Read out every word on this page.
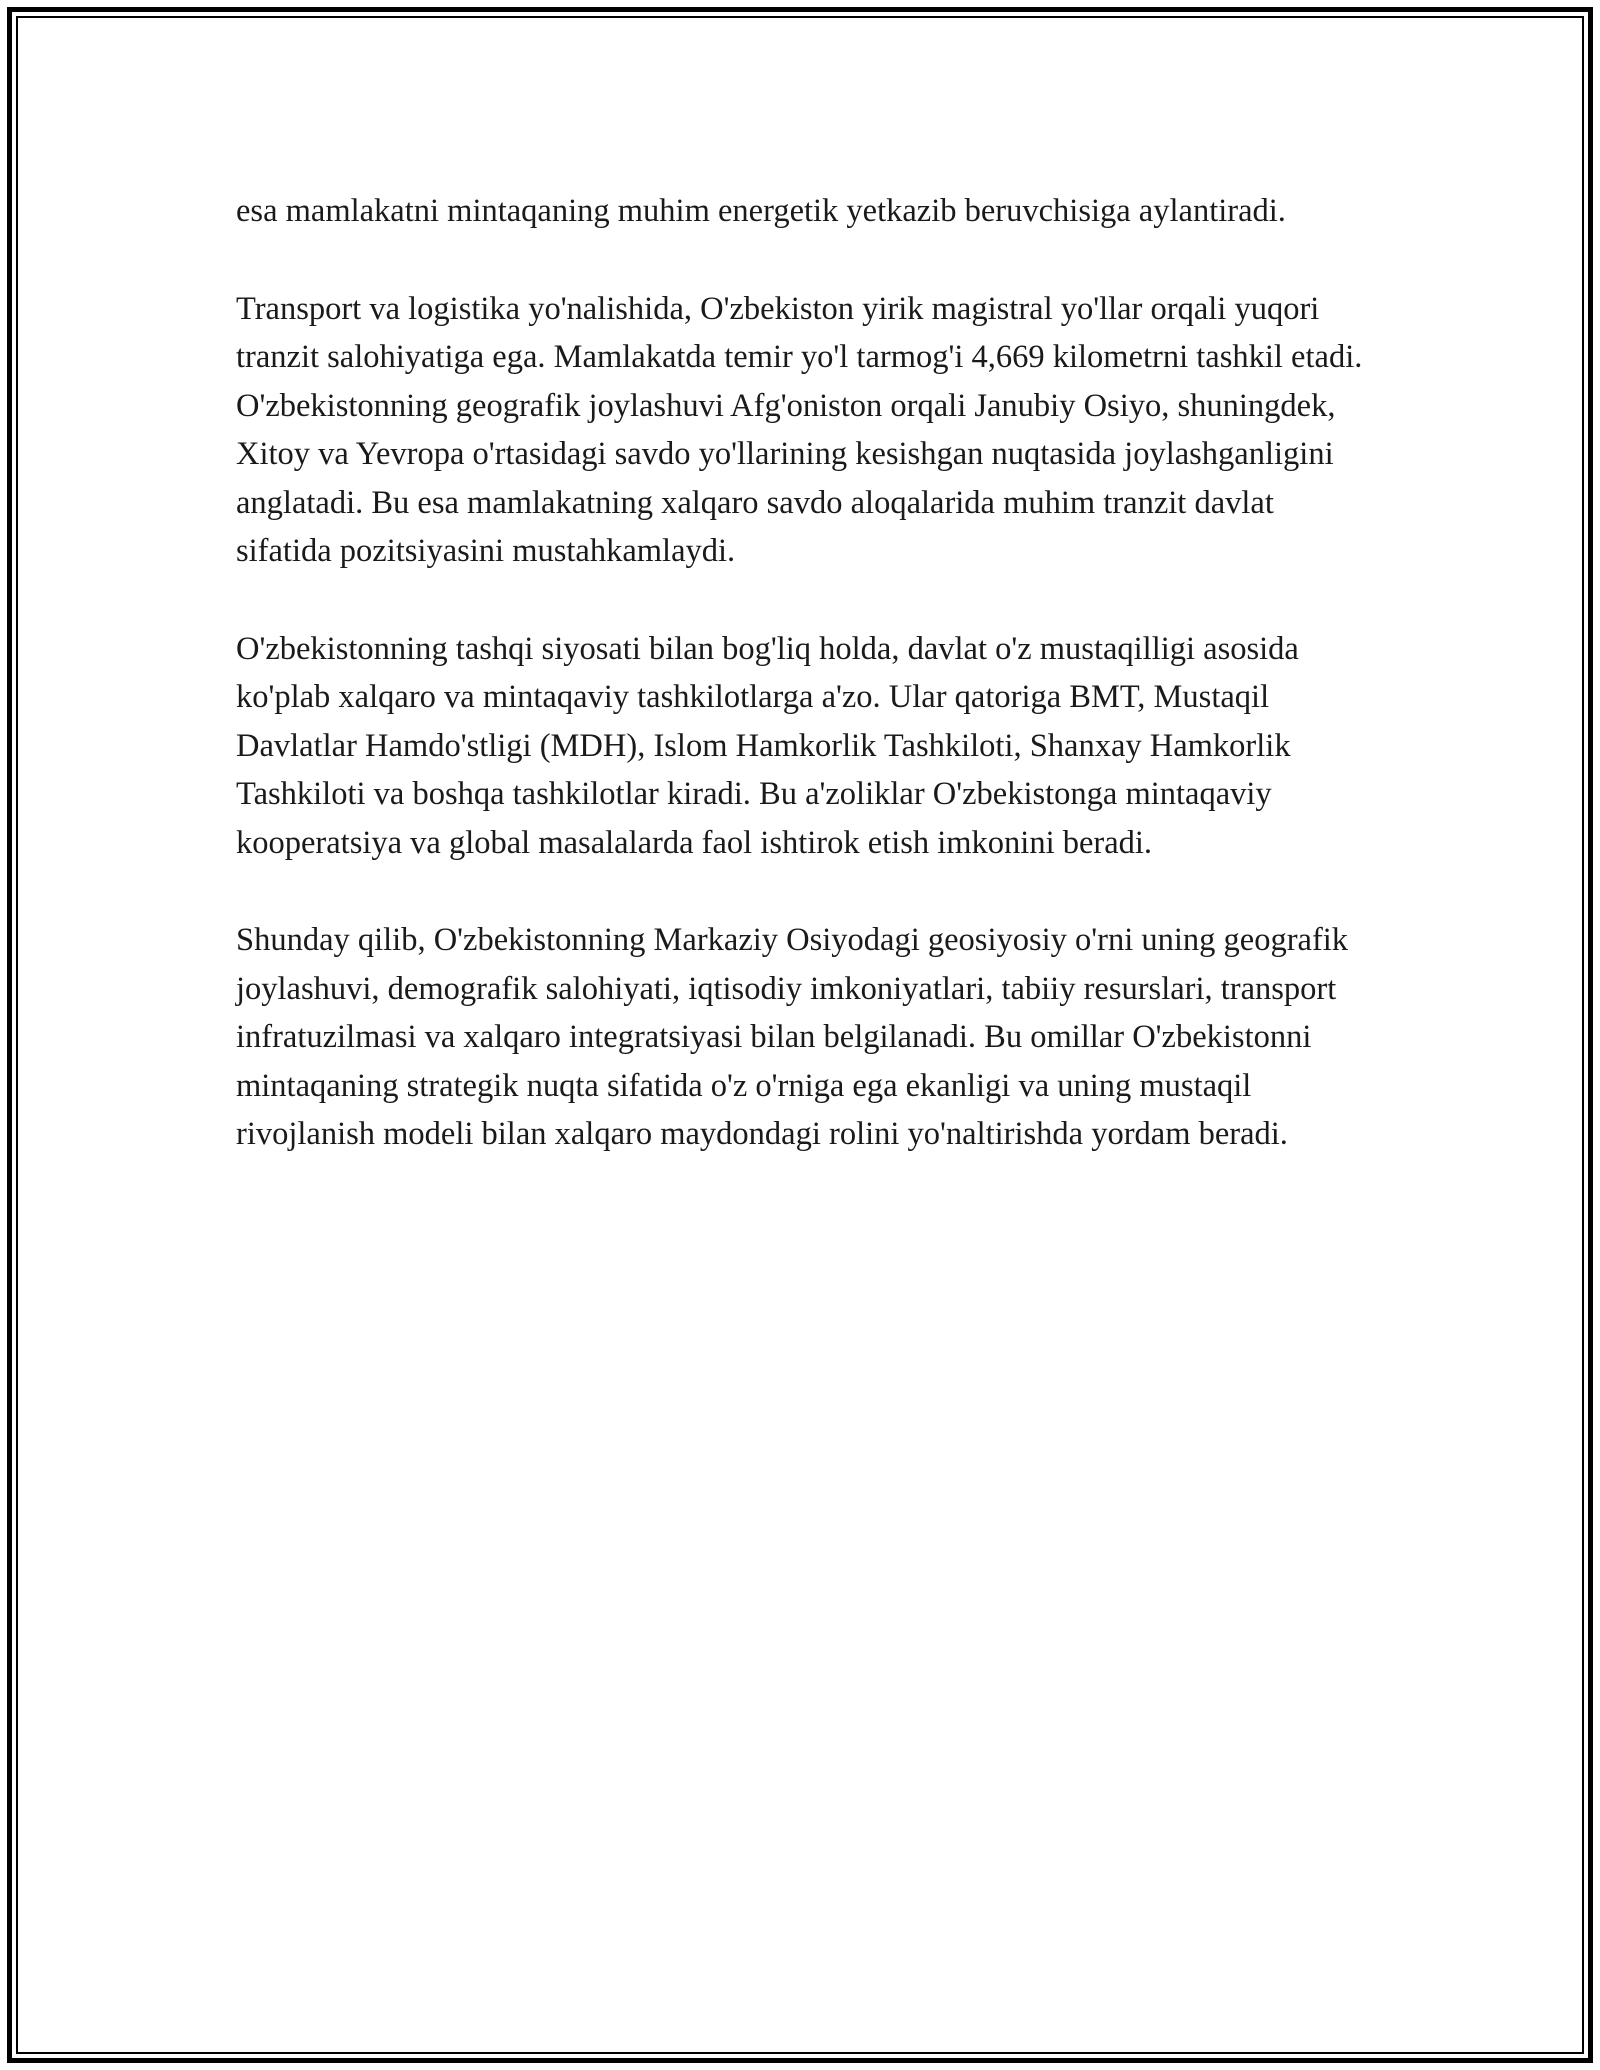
esa mamlakatni mintaqaning muhim energetik yetkazib beruvchisiga aylantiradi.

Transport va logistika yo'nalishida, O'zbekiston yirik magistral yo'llar orqali yuqori tranzit salohiyatiga ega. Mamlakatda temir yo'l tarmog'i 4,669 kilometrni tashkil etadi. O'zbekistonning geografik joylashuvi Afg'oniston orqali Janubiy Osiyo, shuningdek, Xitoy va Yevropa o'rtasidagi savdo yo'llarining kesishgan nuqtasida joylashganligini anglatadi. Bu esa mamlakatning xalqaro savdo aloqalarida muhim tranzit davlat sifatida pozitsiyasini mustahkamlaydi.

O'zbekistonning tashqi siyosati bilan bog'liq holda, davlat o'z mustaqilligi asosida ko'plab xalqaro va mintaqaviy tashkilotlarga a'zo. Ular qatoriga BMT, Mustaqil Davlatlar Hamdo'stligi (MDH), Islom Hamkorlik Tashkiloti, Shanxay Hamkorlik Tashkiloti va boshqa tashkilotlar kiradi. Bu a'zoliklar O'zbekistonga mintaqaviy kooperatsiya va global masalalarda faol ishtirok etish imkonini beradi.

Shunday qilib, O'zbekistonning Markaziy Osiyodagi geosiyosiy o'rni uning geografik joylashuvi, demografik salohiyati, iqtisodiy imkoniyatlari, tabiiy resurslari, transport infratuzilmasi va xalqaro integratsiyasi bilan belgilanadi. Bu omillar O'zbekistonni mintaqaning strategik nuqta sifatida o'z o'rniga ega ekanligi va uning mustaqil rivojlanish modeli bilan xalqaro maydondagi rolini yo'naltirishda yordam beradi.
